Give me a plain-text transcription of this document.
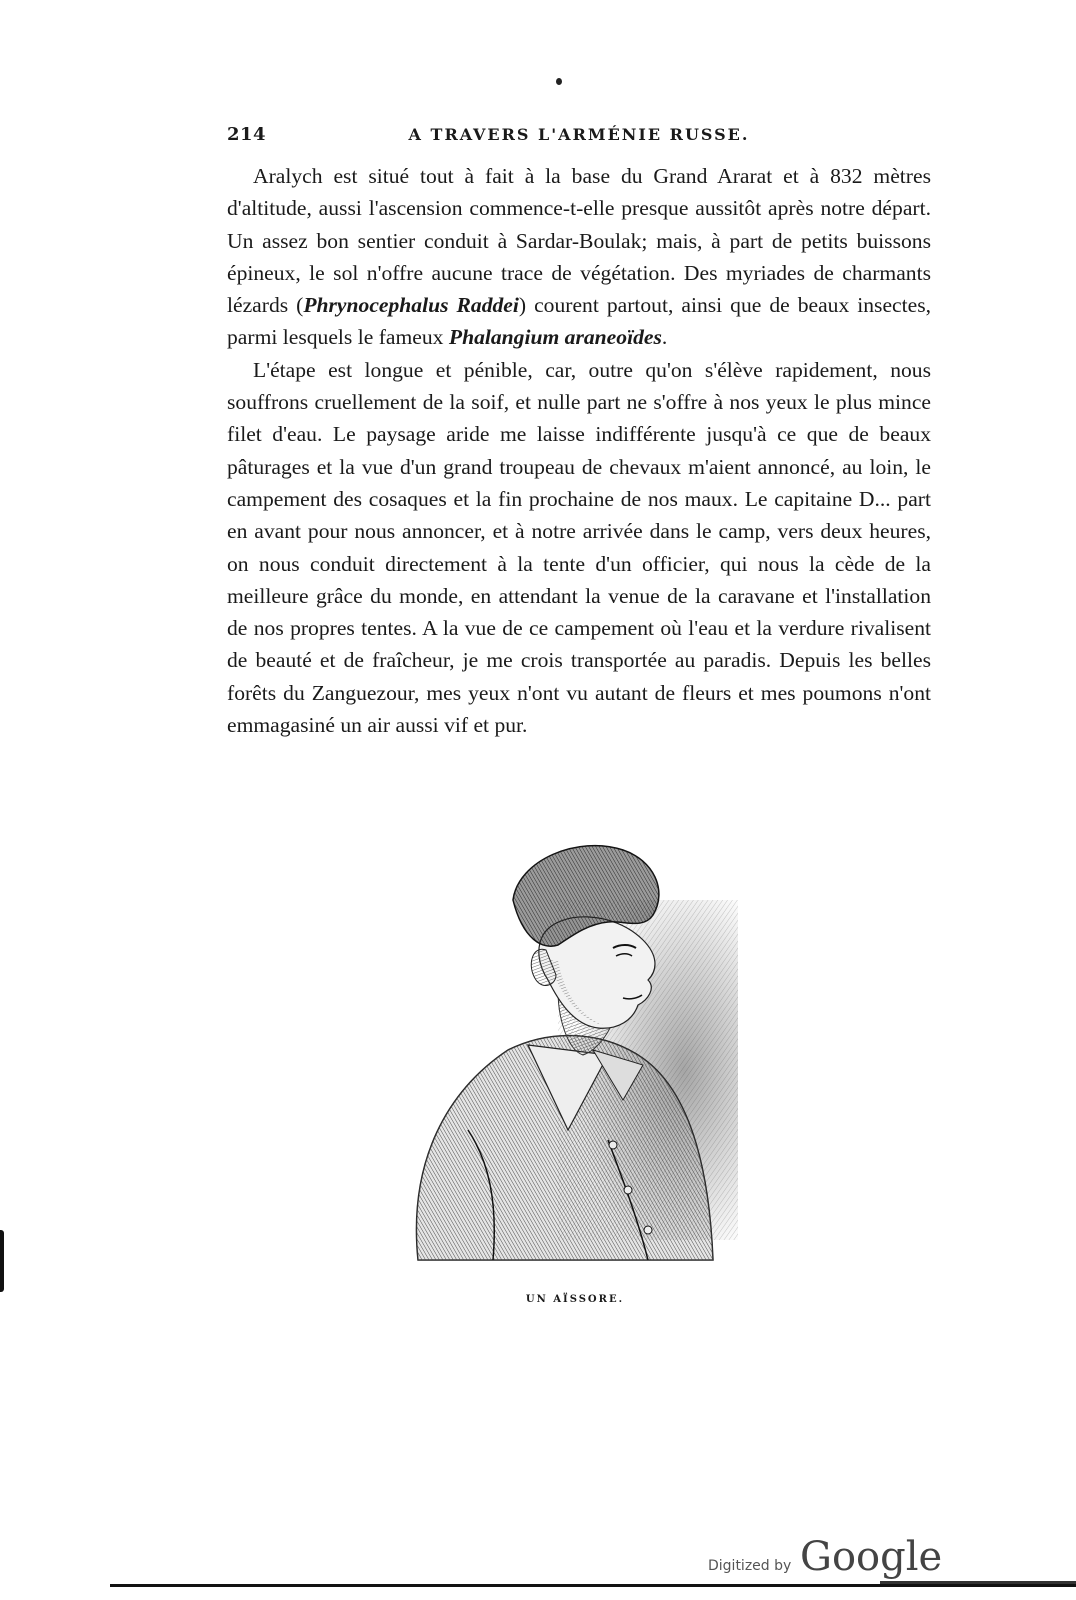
214	A TRAVERS L'ARMÉNIE RUSSE.

Aralych est situé tout à fait à la base du Grand Ararat et à 832 mètres d'altitude, aussi l'ascension commence-t-elle presque aussitôt après notre départ. Un assez bon sentier conduit à Sardar-Boulak; mais, à part de petits buissons épineux, le sol n'offre aucune trace de végétation. Des myriades de charmants lézards (Phrynocephalus Raddei) courent partout, ainsi que de beaux insectes, parmi lesquels le fameux Phalangium araneoïdes.

L'étape est longue et pénible, car, outre qu'on s'élève rapidement, nous souffrons cruellement de la soif, et nulle part ne s'offre à nos yeux le plus mince filet d'eau. Le paysage aride me laisse indifférente jusqu'à ce que de beaux pâturages et la vue d'un grand troupeau de chevaux m'aient annoncé, au loin, le campement des cosaques et la fin prochaine de nos maux. Le capitaine D... part en avant pour nous annoncer, et à notre arrivée dans le camp, vers deux heures, on nous conduit directement à la tente d'un officier, qui nous la cède de la meilleure grâce du monde, en attendant la venue de la caravane et l'installation de nos propres tentes. A la vue de ce campement où l'eau et la verdure rivalisent de beauté et de fraîcheur, je me crois transportée au paradis. Depuis les belles forêts du Zanguezour, mes yeux n'ont vu autant de fleurs et mes poumons n'ont emmagasiné un air aussi vif et pur.

UN AÏSSORE.
Digitized by Google
